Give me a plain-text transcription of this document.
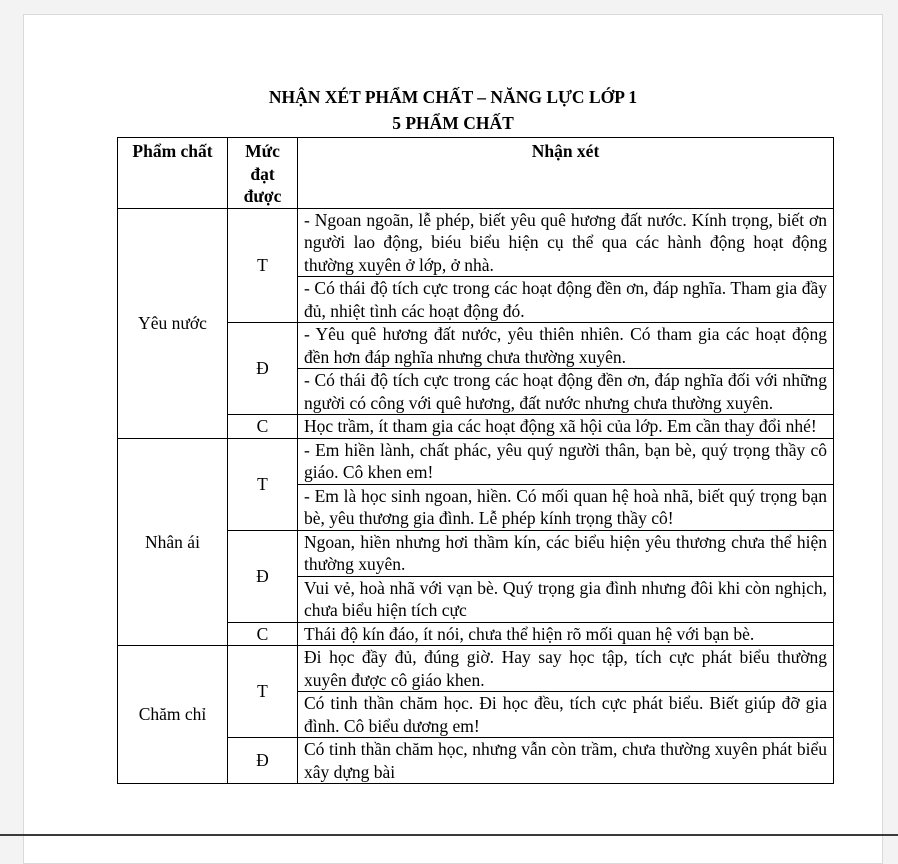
NHẬN XÉT PHẨM CHẤT – NĂNG LỰC LỚP 1
5 PHẨM CHẤT
Phẩm chất	Mức đạt được	Nhận xét
Yêu nước	T	- Ngoan ngoãn, lễ phép, biết yêu quê hương đất nước. Kính trọng, biết ơn người lao động, biéu biểu hiện cụ thể qua các hành động hoạt động thường xuyên ở lớp, ở nhà.
		- Có thái độ tích cực trong các hoạt động đền ơn, đáp nghĩa. Tham gia đầy đủ, nhiệt tình các hoạt động đó.
	Đ	- Yêu quê hương đất nước, yêu thiên nhiên. Có tham gia các hoạt động đền hơn đáp nghĩa nhưng chưa thường xuyên.
		- Có thái độ tích cực trong các hoạt động đền ơn, đáp nghĩa đối với những người có công với quê hương, đất nước nhưng chưa thường xuyên.
	C	Học trầm, ít tham gia các hoạt động xã hội của lớp. Em cần thay đổi nhé!
Nhân ái	T	- Em hiền lành, chất phác, yêu quý người thân, bạn bè, quý trọng thầy cô giáo. Cô khen em!
		- Em là học sinh ngoan, hiền. Có mối quan hệ hoà nhã, biết quý trọng bạn bè, yêu thương gia đình. Lễ phép kính trọng thầy cô!
	Đ	Ngoan, hiền nhưng hơi thầm kín, các biểu hiện yêu thương chưa thể hiện thường xuyên.
		Vui vẻ, hoà nhã với vạn bè. Quý trọng gia đình nhưng đôi khi còn nghịch, chưa biểu hiện tích cực
	C	Thái độ kín đáo, ít nói, chưa thể hiện rõ mối quan hệ với bạn bè.
Chăm chỉ	T	Đi học đầy đủ, đúng giờ. Hay say học tập, tích cực phát biểu thường xuyên được cô giáo khen.
		Có tinh thần chăm học. Đi học đều, tích cực phát biểu. Biết giúp đỡ gia đình. Cô biểu dương em!
	Đ	Có tinh thần chăm học, nhưng vẫn còn trầm, chưa thường xuyên phát biểu xây dựng bài
